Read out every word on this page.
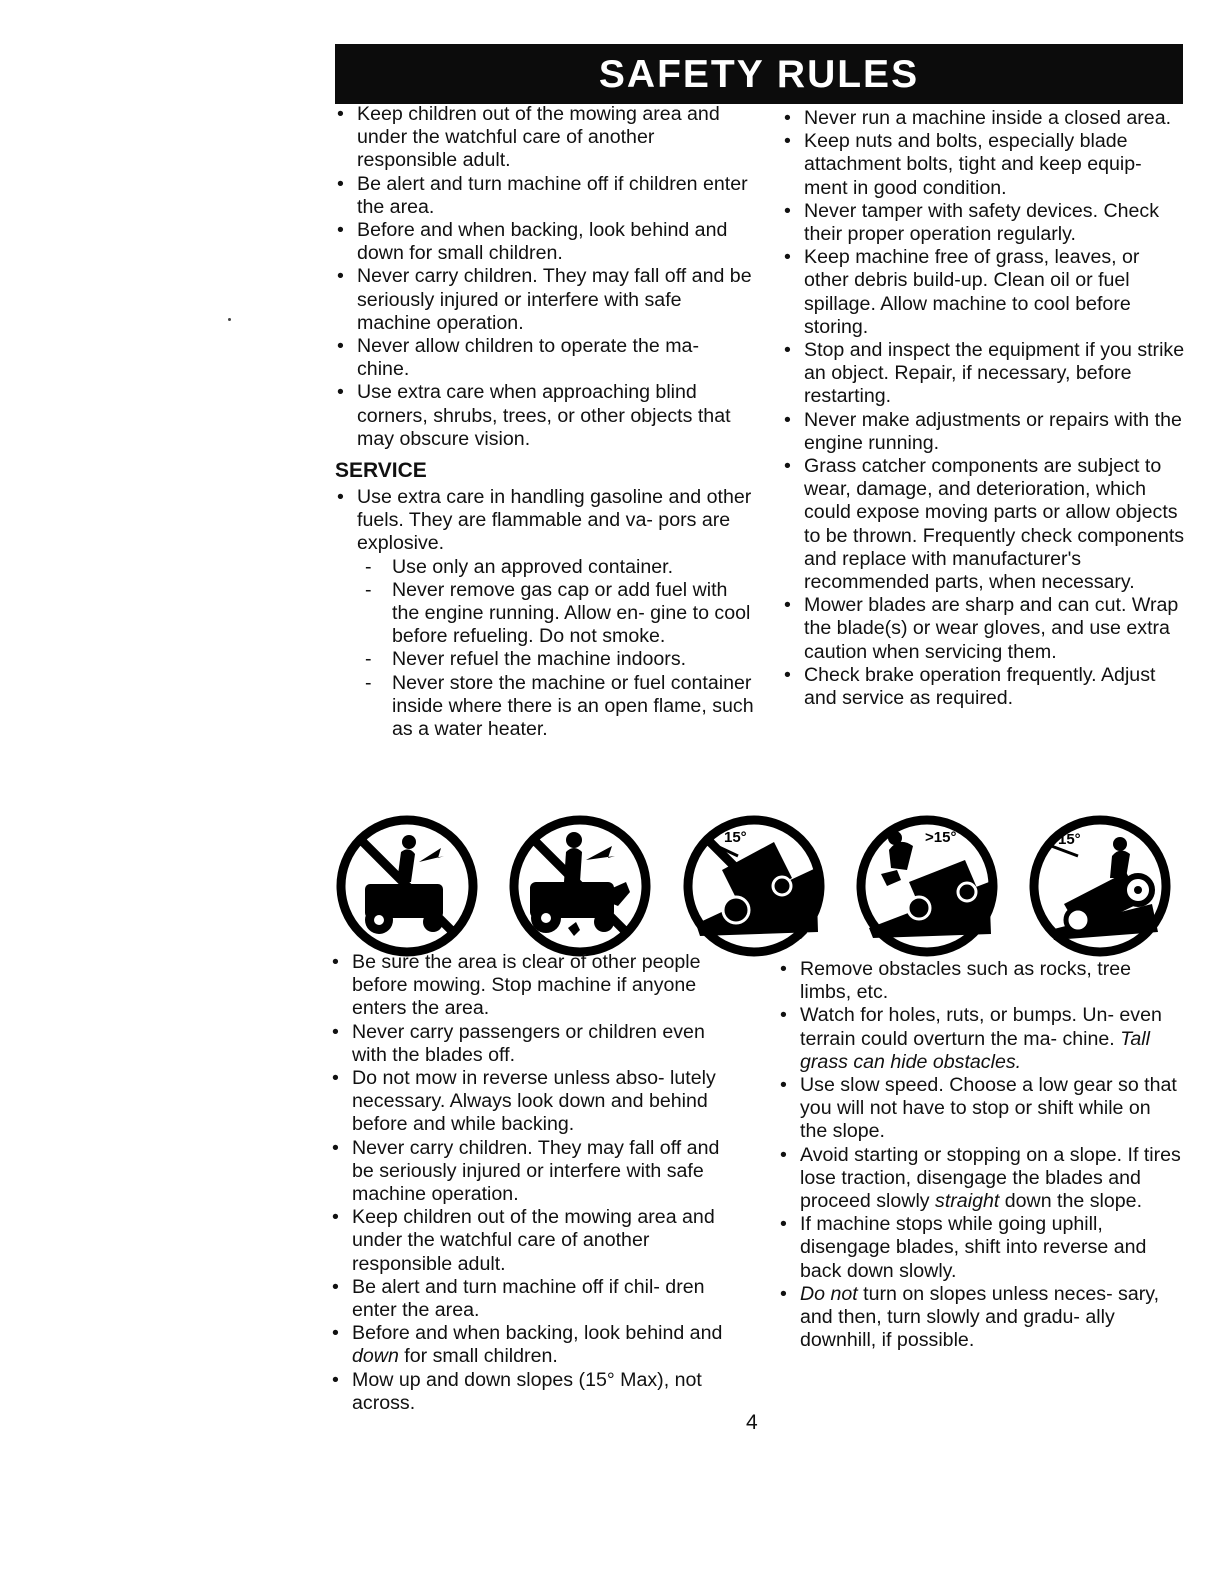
SAFETY RULES
• Keep children out of the mowing area and under the watchful care of another responsible adult.
• Be alert and turn machine off if children enter the area.
• Before and when backing, look behind and down for small children.
• Never carry children. They may fall off and be seriously injured or interfere with safe machine operation.
• Never allow children to operate the ma- chine.
• Use extra care when approaching blind corners, shrubs, trees, or other objects that may obscure vision.
SERVICE
• Use extra care in handling gasoline and other fuels. They are flammable and va- pors are explosive.
- Use only an approved container.
- Never remove gas cap or add fuel with the engine running. Allow en- gine to cool before refueling. Do not smoke.
- Never refuel the machine indoors.
- Never store the machine or fuel container inside where there is an open flame, such as a water heater.
• Never run a machine inside a closed area.
• Keep nuts and bolts, especially blade attachment bolts, tight and keep equip- ment in good condition.
• Never tamper with safety devices. Check their proper operation regularly.
• Keep machine free of grass, leaves, or other debris build-up. Clean oil or fuel spillage. Allow machine to cool before storing.
• Stop and inspect the equipment if you strike an object. Repair, if necessary, before restarting.
• Never make adjustments or repairs with the engine running.
• Grass catcher components are subject to wear, damage, and deterioration, which could expose moving parts or allow objects to be thrown. Frequently check components and replace with manufacturer's recommended parts, when necessary.
• Mower blades are sharp and can cut. Wrap the blade(s) or wear gloves, and use extra caution when servicing them.
• Check brake operation frequently. Adjust and service as required.
15°	>15°	15°
• Be sure the area is clear of other people before mowing. Stop machine if anyone enters the area.
• Never carry passengers or children even with the blades off.
• Do not mow in reverse unless abso- lutely necessary. Always look down and behind before and while backing.
• Never carry children. They may fall off and be seriously injured or interfere with safe machine operation.
• Keep children out of the mowing area and under the watchful care of another responsible adult.
• Be alert and turn machine off if chil- dren enter the area.
• Before and when backing, look behind and down for small children.
• Mow up and down slopes (15° Max), not across.
• Remove obstacles such as rocks, tree limbs, etc.
• Watch for holes, ruts, or bumps. Un- even terrain could overturn the ma- chine. Tall grass can hide obstacles.
• Use slow speed. Choose a low gear so that you will not have to stop or shift while on the slope.
• Avoid starting or stopping on a slope. If tires lose traction, disengage the blades and proceed slowly straight down the slope.
• If machine stops while going uphill, disengage blades, shift into reverse and back down slowly.
• Do not turn on slopes unless neces- sary, and then, turn slowly and gradu- ally downhill, if possible.
4
